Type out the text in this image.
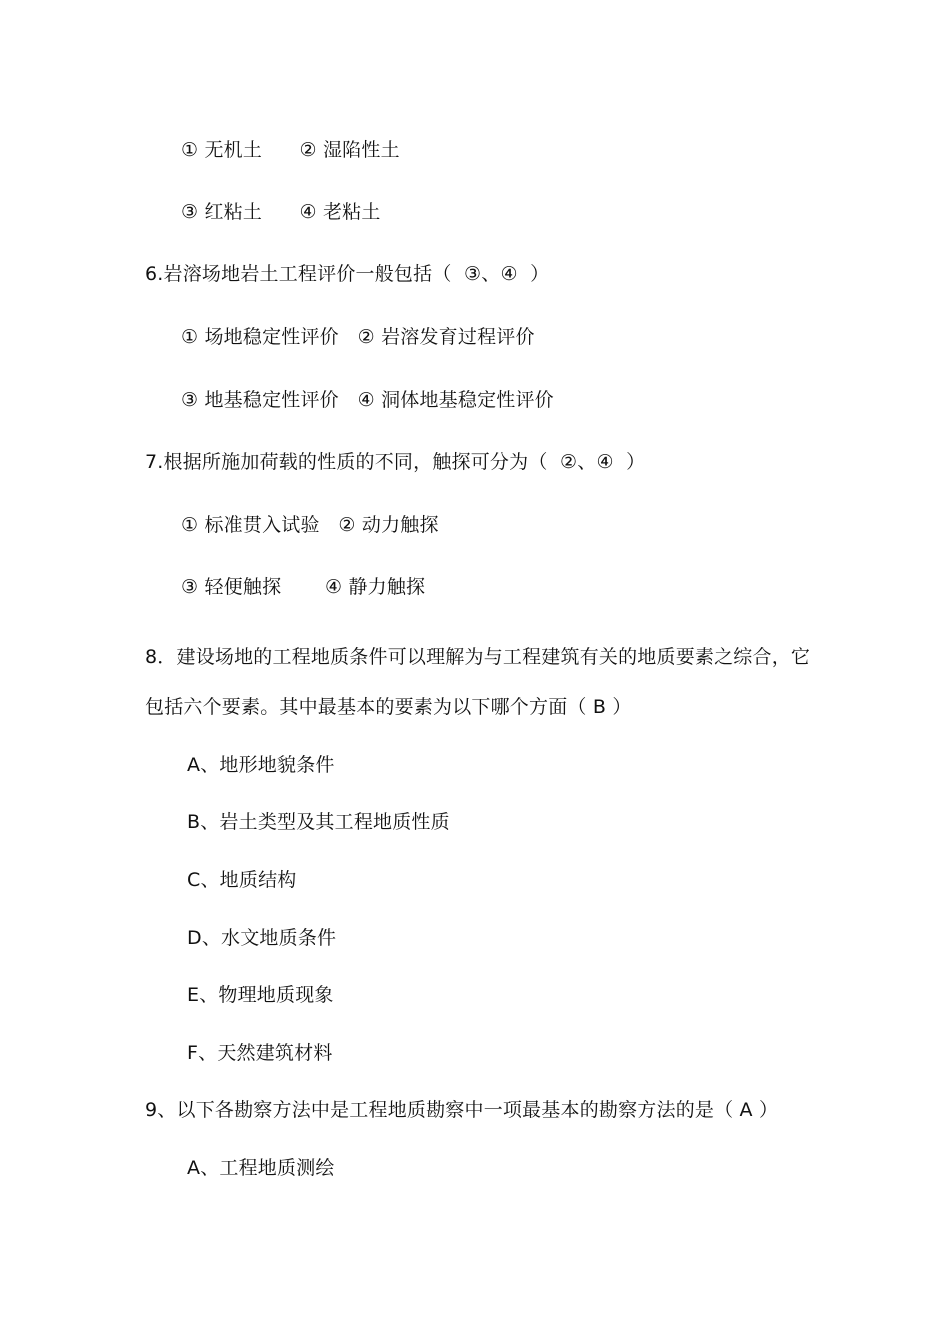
① 无机土      ② 湿陷性土
③ 红粘土      ④ 老粘土
6.岩溶场地岩土工程评价一般包括（  ③、④  ）
① 场地稳定性评价   ② 岩溶发育过程评价
③ 地基稳定性评价   ④ 洞体地基稳定性评价
7.根据所施加荷载的性质的不同，触探可分为（  ②、④  ）
① 标准贯入试验   ② 动力触探
③ 轻便触探       ④ 静力触探
8．建设场地的工程地质条件可以理解为与工程建筑有关的地质要素之综合，它
包括六个要素。其中最基本的要素为以下哪个方面（ B ）
A、地形地貌条件
B、岩土类型及其工程地质性质
C、地质结构
D、水文地质条件
E、物理地质现象
F、天然建筑材料
9、以下各勘察方法中是工程地质勘察中一项最基本的勘察方法的是（ A ）
A、工程地质测绘
